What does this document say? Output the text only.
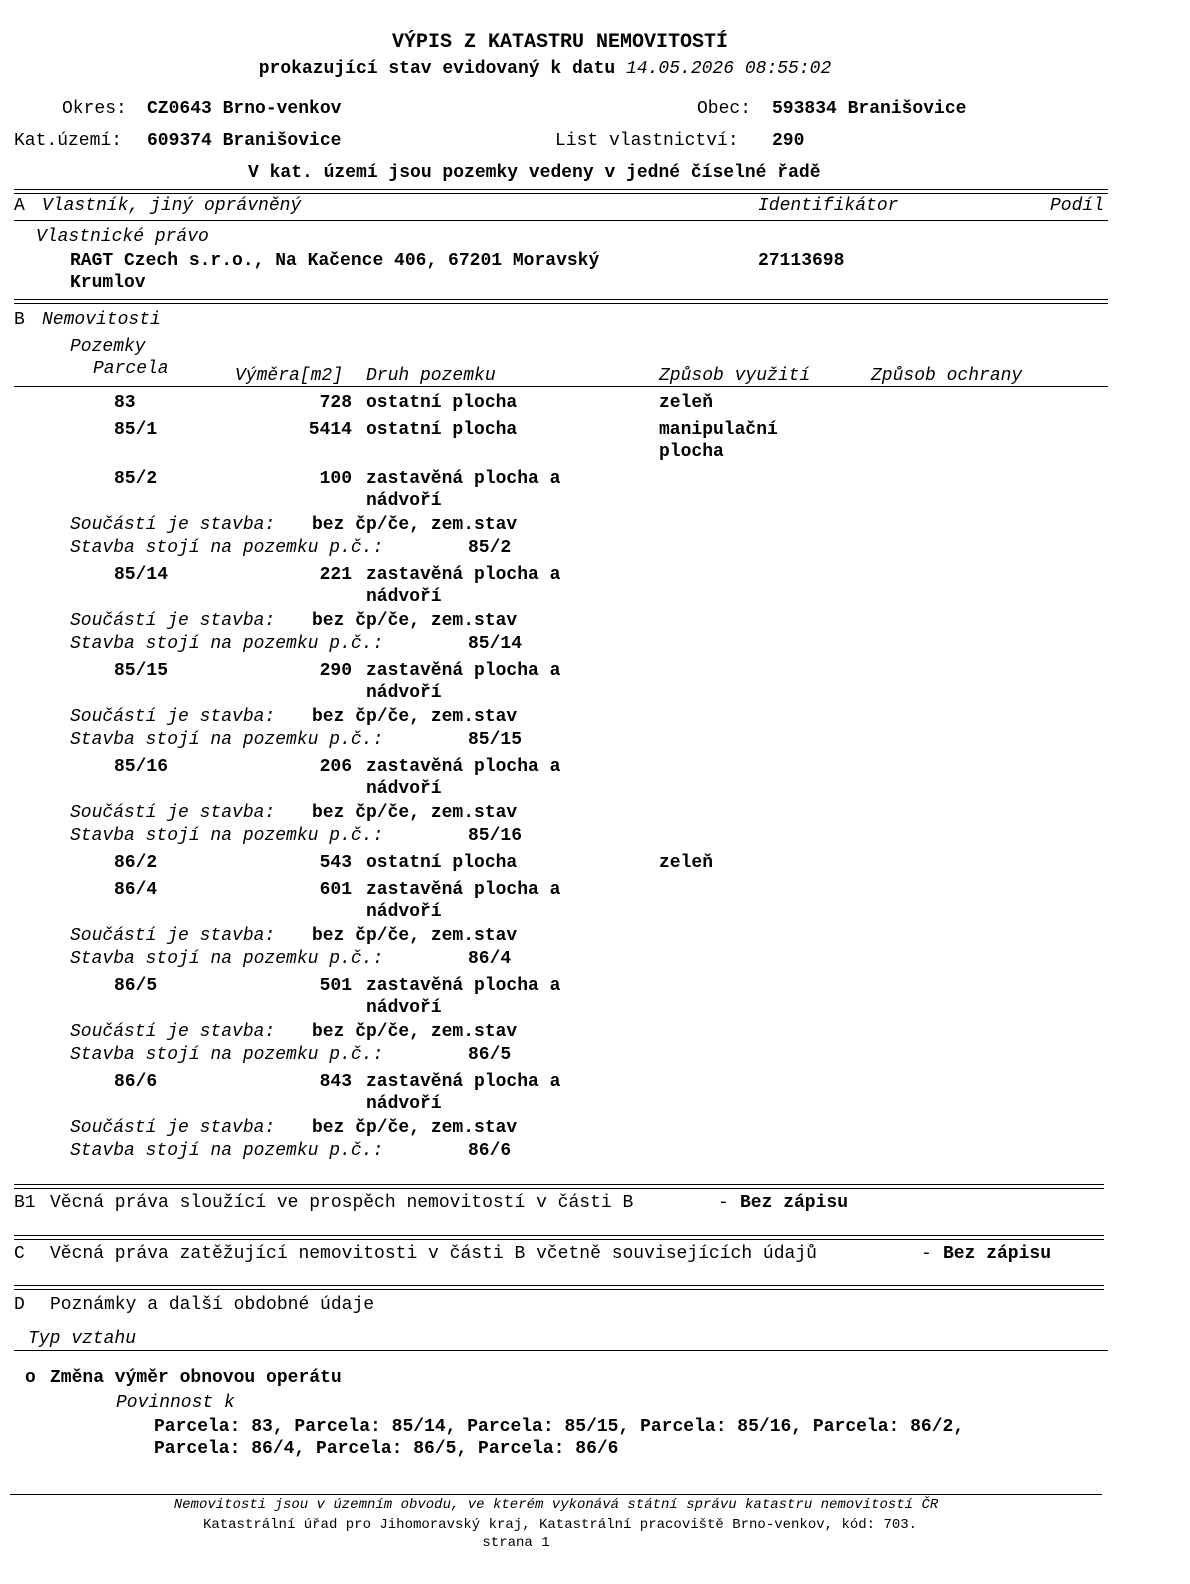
VÝPIS Z KATASTRU NEMOVITOSTÍ
prokazující stav evidovaný k datu 14.05.2026 08:55:02
Okres: CZ0643 Brno-venkov	Obec: 593834 Branišovice
Kat.území: 609374 Branišovice	List vlastnictví: 290
V kat. území jsou pozemky vedeny v jedné číselné řadě
A Vlastník, jiný oprávněný	Identifikátor	Podíl
Vlastnické právo
RAGT Czech s.r.o., Na Kačence 406, 67201 Moravský
Krumlov
27113698
B Nemovitosti
Pozemky
Parcela	Výměra[m2] Druh pozemku	Způsob využití	Způsob ochrany
83	728 ostatní plocha	zeleň
85/1	5414 ostatní plocha	manipulační
plocha
85/2	100 zastavěná plocha a
nádvoří
Součástí je stavba: bez čp/če, zem.stav
Stavba stojí na pozemku p.č.:	85/2
85/14	221 zastavěná plocha a
nádvoří
Součástí je stavba: bez čp/če, zem.stav
Stavba stojí na pozemku p.č.:	85/14
85/15	290 zastavěná plocha a
nádvoří
Součástí je stavba: bez čp/če, zem.stav
Stavba stojí na pozemku p.č.:	85/15
85/16	206 zastavěná plocha a
nádvoří
Součástí je stavba: bez čp/če, zem.stav
Stavba stojí na pozemku p.č.:	85/16
86/2	543 ostatní plocha	zeleň
86/4	601 zastavěná plocha a
nádvoří
Součástí je stavba: bez čp/če, zem.stav
Stavba stojí na pozemku p.č.:	86/4
86/5	501 zastavěná plocha a
nádvoří
Součástí je stavba: bez čp/če, zem.stav
Stavba stojí na pozemku p.č.:	86/5
86/6	843 zastavěná plocha a
nádvoří
Součástí je stavba: bez čp/če, zem.stav
Stavba stojí na pozemku p.č.:	86/6
B1 Věcná práva sloužící ve prospěch nemovitostí v části B	- Bez zápisu
C Věcná práva zatěžující nemovitosti v části B včetně souvisejících údajů	- Bez zápisu
D Poznámky a další obdobné údaje
Typ vztahu
o Změna výměr obnovou operátu
Povinnost k
Parcela: 83, Parcela: 85/14, Parcela: 85/15, Parcela: 85/16, Parcela: 86/2,
Parcela: 86/4, Parcela: 86/5, Parcela: 86/6
Nemovitosti jsou v územním obvodu, ve kterém vykonává státní správu katastru nemovitostí ČR
Katastrální úřad pro Jihomoravský kraj, Katastrální pracoviště Brno-venkov, kód: 703.
strana 1
